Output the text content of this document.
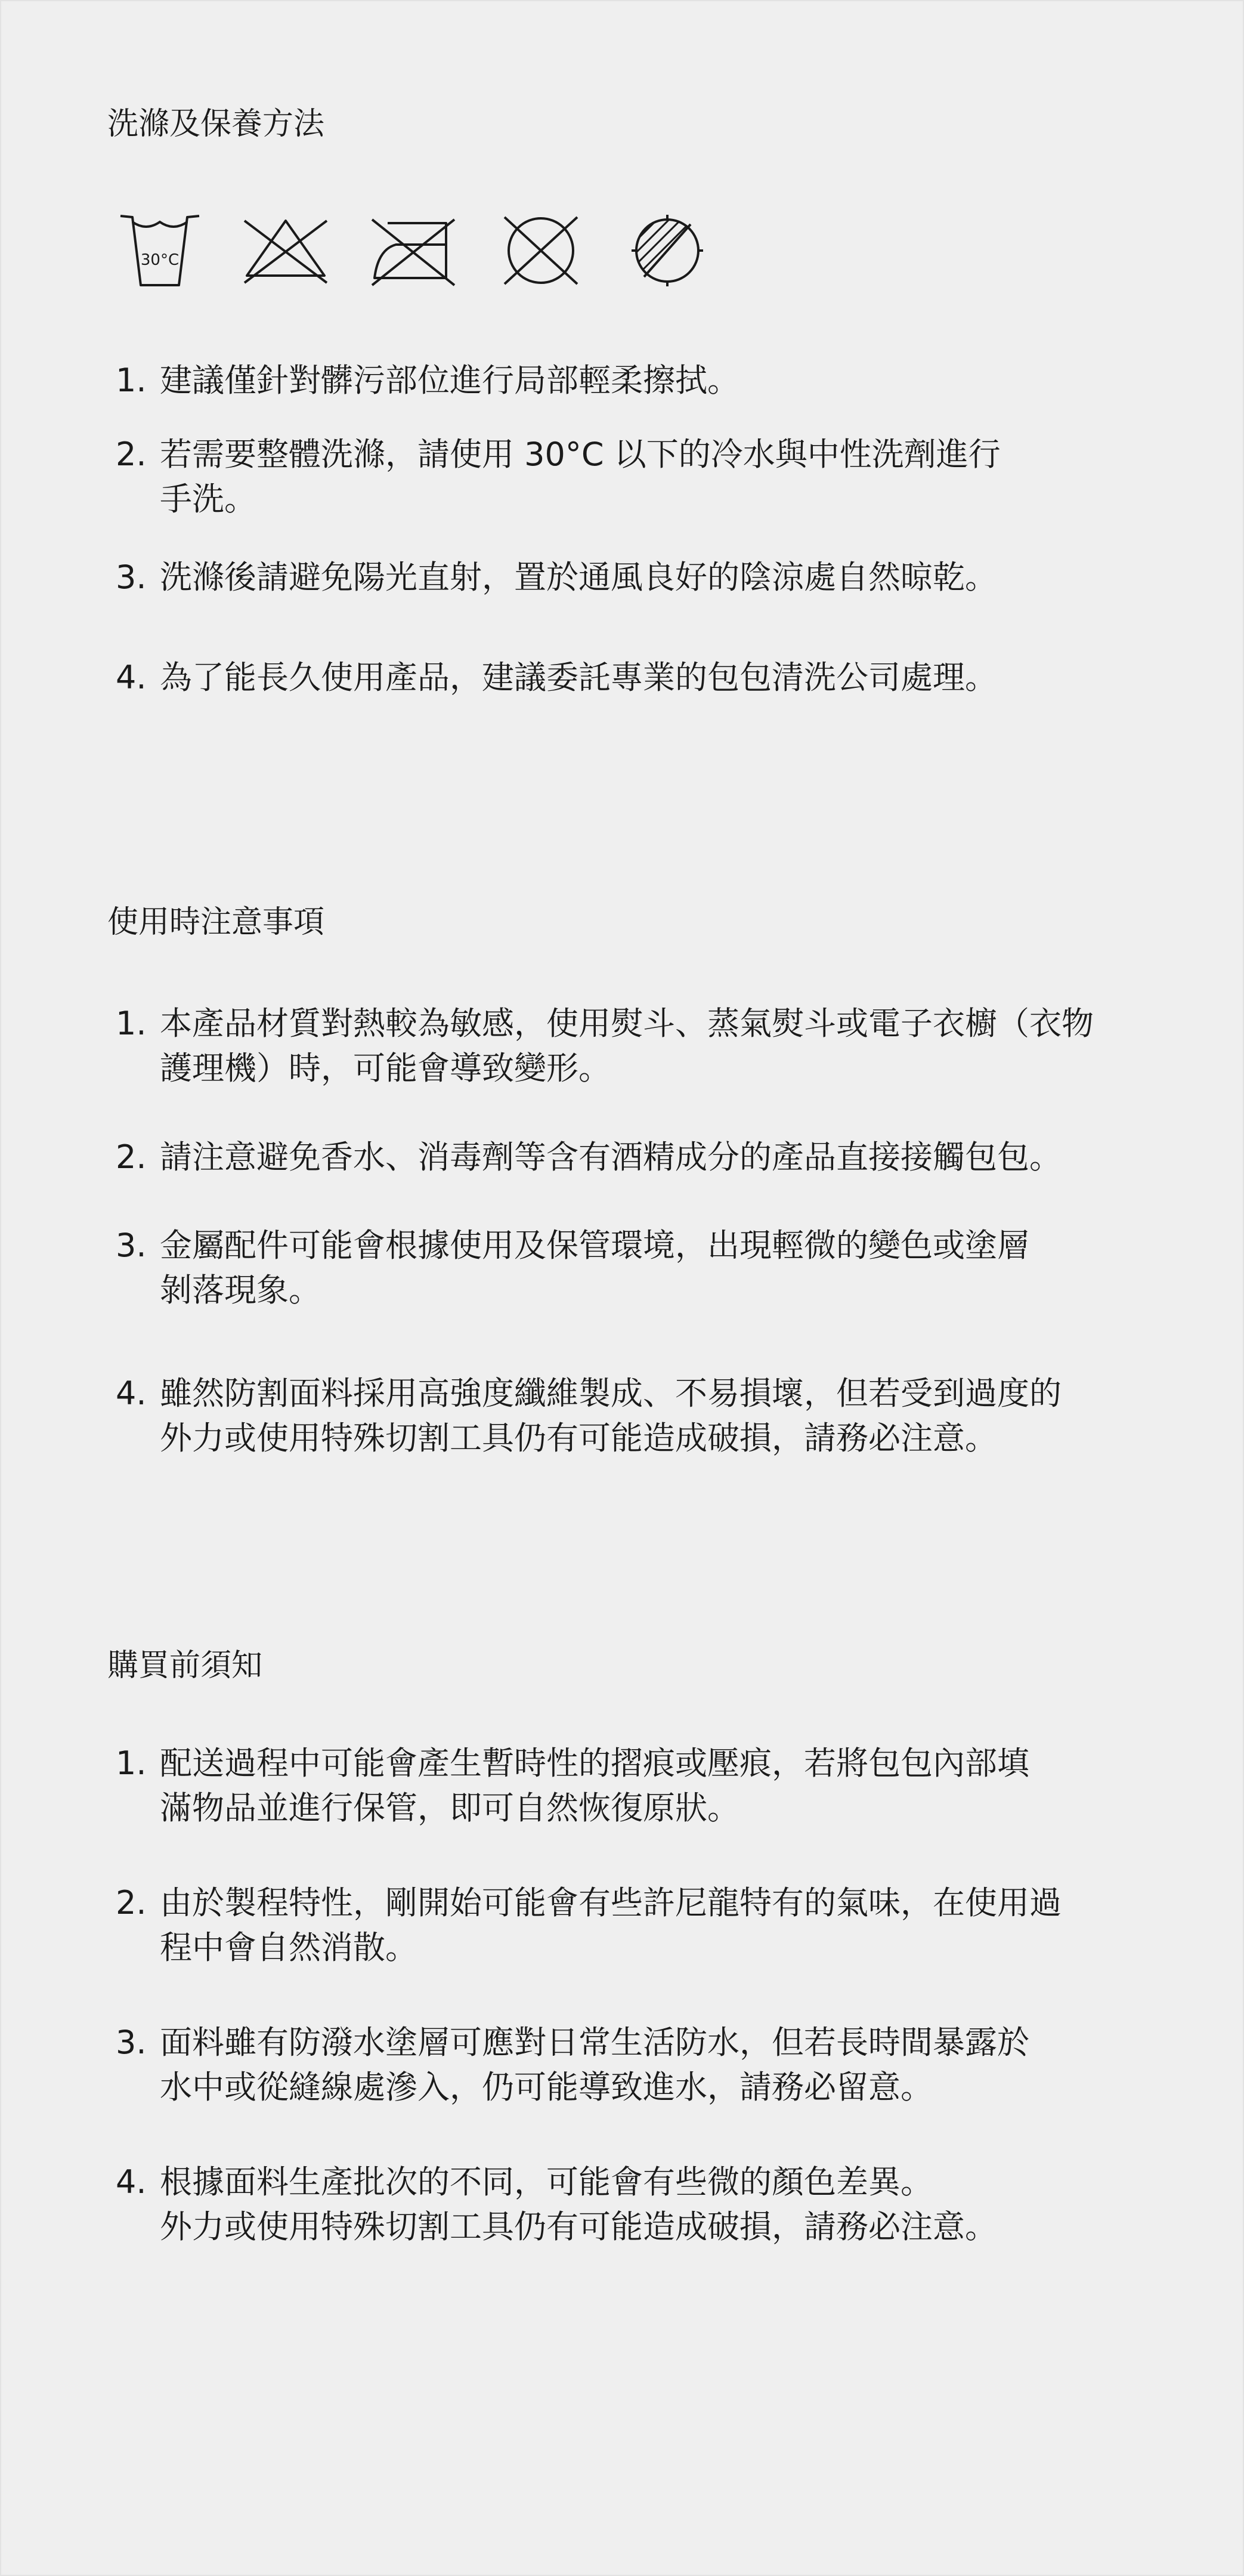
洗滌及保養方法
30°C
1. 建議僅針對髒污部位進行局部輕柔擦拭。
2. 若需要整體洗滌，請使用 30°C 以下的冷水與中性洗劑進行
手洗。
3. 洗滌後請避免陽光直射，置於通風良好的陰涼處自然晾乾。
4. 為了能長久使用產品，建議委託專業的包包清洗公司處理。
使用時注意事項
1. 本產品材質對熱較為敏感，使用熨斗、蒸氣熨斗或電子衣櫥（衣物
護理機）時，可能會導致變形。
2. 請注意避免香水、消毒劑等含有酒精成分的產品直接接觸包包。
3. 金屬配件可能會根據使用及保管環境，出現輕微的變色或塗層
剝落現象。
4. 雖然防割面料採用高強度纖維製成、不易損壞，但若受到過度的
外力或使用特殊切割工具仍有可能造成破損，請務必注意。
購買前須知
1. 配送過程中可能會產生暫時性的摺痕或壓痕，若將包包內部填
滿物品並進行保管，即可自然恢復原狀。
2. 由於製程特性，剛開始可能會有些許尼龍特有的氣味，在使用過
程中會自然消散。
3. 面料雖有防潑水塗層可應對日常生活防水，但若長時間暴露於
水中或從縫線處滲入，仍可能導致進水，請務必留意。
4. 根據面料生產批次的不同，可能會有些微的顏色差異。
外力或使用特殊切割工具仍有可能造成破損，請務必注意。
